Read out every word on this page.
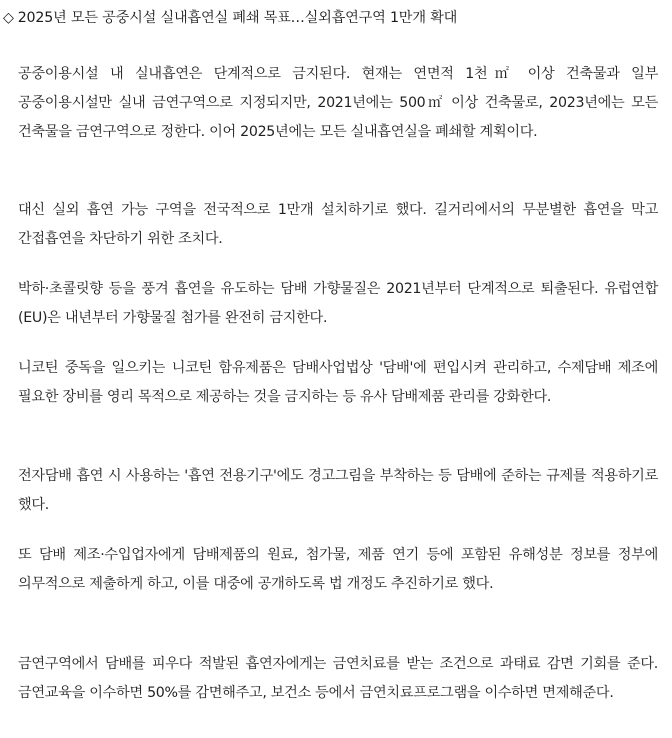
◇ 2025년 모든 공중시설 실내흡연실 폐쇄 목표…실외흡연구역 1만개 확대

공중이용시설 내 실내흡연은 단계적으로 금지된다. 현재는 연면적 1천㎡ 이상 건축물과 일부 공중이용시설만 실내 금연구역으로 지정되지만, 2021년에는 500㎡ 이상 건축물로, 2023년에는 모든 건축물을 금연구역으로 정한다. 이어 2025년에는 모든 실내흡연실을 폐쇄할 계획이다.

대신 실외 흡연 가능 구역을 전국적으로 1만개 설치하기로 했다. 길거리에서의 무분별한 흡연을 막고 간접흡연을 차단하기 위한 조치다.

박하·초콜릿향 등을 풍겨 흡연을 유도하는 담배 가향물질은 2021년부터 단계적으로 퇴출된다. 유럽연합(EU)은 내년부터 가향물질 첨가를 완전히 금지한다.

니코틴 중독을 일으키는 니코틴 함유제품은 담배사업법상 '담배'에 편입시켜 관리하고, 수제담배 제조에 필요한 장비를 영리 목적으로 제공하는 것을 금지하는 등 유사 담배제품 관리를 강화한다.

전자담배 흡연 시 사용하는 '흡연 전용기구'에도 경고그림을 부착하는 등 담배에 준하는 규제를 적용하기로 했다.

또 담배 제조·수입업자에게 담배제품의 원료, 첨가물, 제품 연기 등에 포함된 유해성분 정보를 정부에 의무적으로 제출하게 하고, 이를 대중에 공개하도록 법 개정도 추진하기로 했다.

금연구역에서 담배를 피우다 적발된 흡연자에게는 금연치료를 받는 조건으로 과태료 감면 기회를 준다. 금연교육을 이수하면 50%를 감면해주고, 보건소 등에서 금연치료프로그램을 이수하면 면제해준다.
